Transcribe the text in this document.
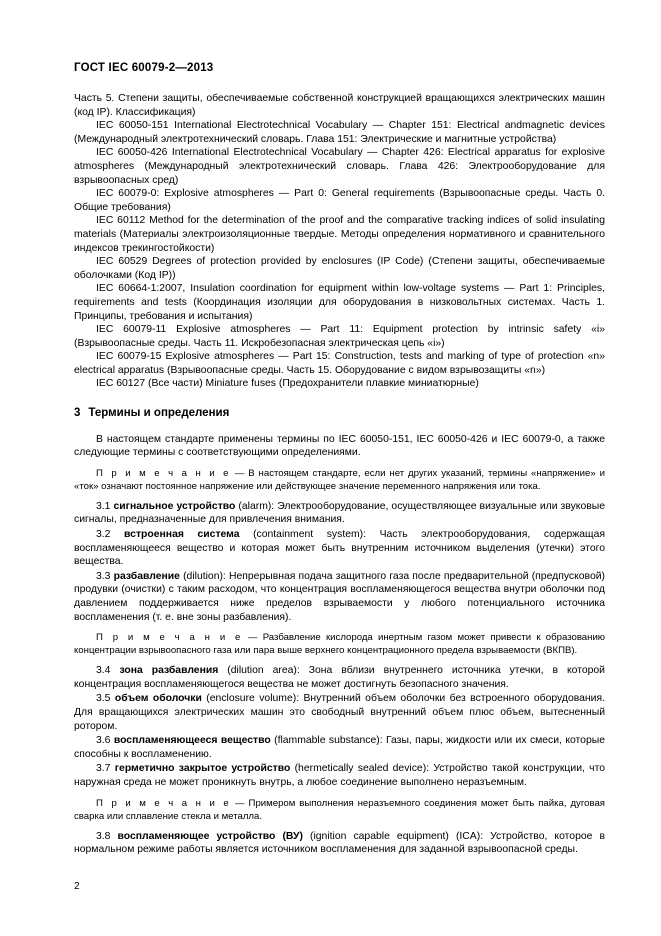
ГОСТ IEC 60079-2—2013

Часть 5. Степени защиты, обеспечиваемые собственной конструкцией вращающихся электрических машин (код IP). Классификация)

IEC 60050-151 International Electrotechnical Vocabulary — Chapter 151: Electrical andmagnetic devices (Международный электротехнический словарь. Глава 151: Электрические и магнитные устройства)

IEC 60050-426 International Electrotechnical Vocabulary — Chapter 426: Electrical apparatus for explosive atmospheres (Международный электротехнический словарь. Глава 426: Электрооборудование для взрывоопасных сред)

IEC 60079-0: Explosive atmospheres — Part 0: General requirements (Взрывоопасные среды. Часть 0. Общие требования)

IEC 60112 Method for the determination of the proof and the comparative tracking indices of solid insulating materials (Материалы электроизоляционные твердые. Методы определения нормативного и сравнительного индексов трекингостойкости)

IEC 60529 Degrees of protection provided by enclosures (IP Code) (Степени защиты, обеспечиваемые оболочками (Код IP))

IEC 60664-1:2007, Insulation coordination for equipment within low-voltage systems — Part 1: Principles, requirements and tests (Координация изоляции для оборудования в низковольтных системах. Часть 1. Принципы, требования и испытания)

IEC 60079-11 Explosive atmospheres — Part 11: Equipment protection by intrinsic safety «i» (Взрывоопасные среды. Часть 11. Искробезопасная электрическая цепь «i»)

IEC 60079-15 Explosive atmospheres — Part 15: Construction, tests and marking of type of protection «n» electrical apparatus (Взрывоопасные среды. Часть 15. Оборудование с видом взрывозащиты «n»)

IEC 60127 (Все части) Miniature fuses (Предохранители плавкие миниатюрные)

3 Термины и определения

В настоящем стандарте применены термины по IEC 60050-151, IEC 60050-426 и IEC 60079-0, а также следующие термины с соответствующими определениями.

П р и м е ч а н и е — В настоящем стандарте, если нет других указаний, термины «напряжение» и «ток» означают постоянное напряжение или действующее значение переменного напряжения или тока.

3.1 сигнальное устройство (alarm): Электрооборудование, осуществляющее визуальные или звуковые сигналы, предназначенные для привлечения внимания.

3.2 встроенная система (containment system): Часть электрооборудования, содержащая воспламеняющееся вещество и которая может быть внутренним источником выделения (утечки) этого вещества.

3.3 разбавление (dilution): Непрерывная подача защитного газа после предварительной (предпусковой) продувки (очистки) с таким расходом, что концентрация воспламеняющегося вещества внутри оболочки под давлением поддерживается ниже пределов взрываемости у любого потенциального источника воспламенения (т. е. вне зоны разбавления).

П р и м е ч а н и е — Разбавление кислорода инертным газом может привести к образованию концентрации взрывоопасного газа или пара выше верхнего концентрационного предела взрываемости (ВКПВ).

3.4 зона разбавления (dilution area): Зона вблизи внутреннего источника утечки, в которой концентрация воспламеняющегося вещества не может достигнуть безопасного значения.

3.5 объем оболочки (enclosure volume): Внутренний объем оболочки без встроенного оборудования. Для вращающихся электрических машин это свободный внутренний объем плюс объем, вытесненный ротором.

3.6 воспламеняющееся вещество (flammable substance): Газы, пары, жидкости или их смеси, которые способны к воспламенению.

3.7 герметично закрытое устройство (hermetically sealed device): Устройство такой конструкции, что наружная среда не может проникнуть внутрь, а любое соединение выполнено неразъемным.

П р и м е ч а н и е — Примером выполнения неразъемного соединения может быть пайка, дуговая сварка или сплавление стекла и металла.

3.8 воспламеняющее устройство (ВУ) (ignition capable equipment) (ICA): Устройство, которое в нормальном режиме работы является источником воспламенения для заданной взрывоопасной среды.

2
